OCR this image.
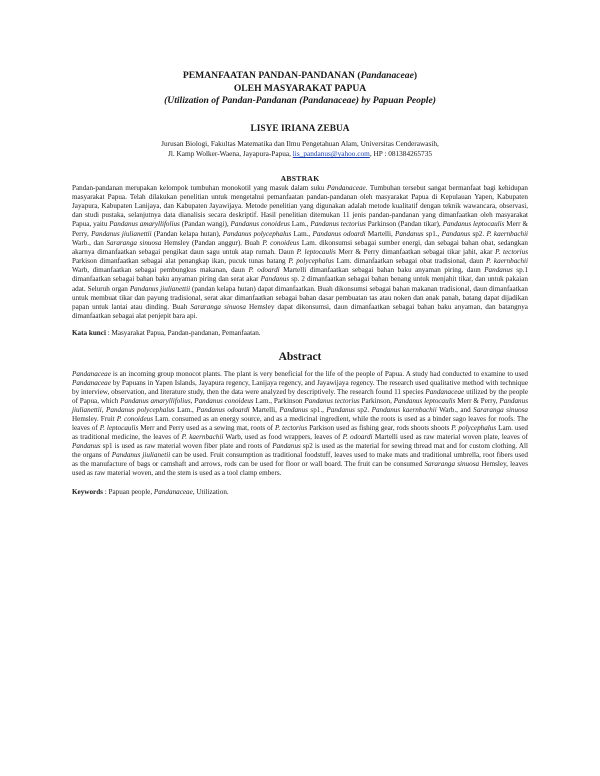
PEMANFAATAN PANDAN-PANDANAN (Pandanaceae)
OLEH MASYARAKAT PAPUA
(Utilization of Pandan-Pandanan (Pandanaceae) by Papuan People)
LISYE IRIANA ZEBUA
Jurusan Biologi, Fakultas Matematika dan Ilmu Pengetahuan Alam, Universitas Cenderawasih,
Jl. Kamp Wolker-Waena, Jayapura-Papua, lis_pandanus@yahoo.com, HP : 081384265735
ABSTRAK
Pandan-pandanan merupakan kelompok tumbuhan monokotil yang masuk dalam suku Pandanaceae. Tumbuhan tersebut sangat bermanfaat bagi kehidupan masyarakat Papua. Telah dilakukan penelitian untuk mengetahui pemanfaatan pandan-pandanan oleh masyarakat Papua di Kepulauan Yapen, Kabupaten Jayapura, Kabupaten Lanijaya, dan Kabupaten Jayawijaya. Metode penelitian yang digunakan adalah metode kualitatif dengan teknik wawancara, observasi, dan studi pustaka, selanjutnya data dianalisis secara deskriptif. Hasil penelitian ditemukan 11 jenis pandan-pandanan yang dimanfaatkan oleh masyarakat Papua, yaitu Pandanus amaryllifolius (Pandan wangi), Pandanus conoideus Lam., Pandanus tectorius Parkinson (Pandan tikar), Pandanus leptocaulis Merr & Perry, Pandanus jiulianettii (Pandan kelapa hutan), Pandanus polycephalus Lam., Pandanus odoardi Martelli, Pandanus sp1., Pandanus sp2. P. kaernbachii Warb., dan Sararanga sinuosa Hemsley (Pandan anggur). Buah P. conoideus Lam. dikonsumsi sebagai sumber energi, dan sebagai bahan obat, sedangkan akarnya dimanfaatkan sebagai pengikat daun sagu untuk atap rumah. Daun P. leptocaulis Merr & Perry dimanfaatkan sebagai tikar jahit, akar P. tectorius Parkison dimanfaatkan sebagai alat penangkap ikan, pucuk tunas batang P. polycephalus Lam. dimanfaatkan sebagai obat tradisional, daun P. kaernbachii Warb, dimanfaatkan sebagai pembungkus makanan, daun P. odoardi Martelli dimanfaatkan sebagai bahan baku anyaman piring, daun Pandanus sp.1 dimanfaatkan sebagai bahan baku anyaman piring dan serat akar Pandanus sp. 2 dimanfaatkan sebagai bahan benang untuk menjahit tikar, dan untuk pakaian adat. Seluruh organ Pandanus jiulianettii (pandan kelapa hutan) dapat dimanfaatkan. Buah dikonsumsi sebagai bahan makanan tradisional, daun dimanfaatkan untuk membuat tikar dan payung tradisional, serat akar dimanfaatkan sebagai bahan dasar pembuatan tas atau noken dan anak panah, batang dapat dijadikan papan untuk lantai atau dinding. Buah Sararanga sinuosa Hemsley dapat dikonsumsi, daun dimanfaatkan sebagai bahan baku anyaman, dan batangnya dimanfaatkan sebagai alat penjepit bara api.
Kata kunci : Masyarakat Papua, Pandan-pandanan, Pemanfaatan.
Abstract
Pandanaceae is an incoming group monocot plants. The plant is very beneficial for the life of the people of Papua. A study had conducted to examine to used Pandanaceae by Papuans in Yapen Islands, Jayapura regency, Lanijaya regency, and Jayawijaya regency. The research used qualitative method with technique by interview, observation, and literature study, then the data were analyzed by descriptively. The research found 11 species Pandanaceae utilized by the people of Papua, which Pandanus amaryllifolius, Pandanus conoideus Lam., Parkinson Pandanus tectorius Parkinson, Pandanus leptocaulis Merr & Perry, Pandanus jiulianettii, Pandanus polycephalus Lam., Pandanus odoardi Martelli, Pandanus sp1., Pandanus sp2. Pandanus kaernbachii Warb., and Sararanga sinuosa Hemsley. Fruit P. conoideus Lam. consumed as an energy source, and as a medicinal ingredient, while the roots is used as a binder sago leaves for roofs. The leaves of P. leptocaulis Merr and Perry used as a sewing mat, roots of P. tectorius Parkison used as fishing gear, rods shoots shoots P. polycephalus Lam. used as traditional medicine, the leaves of P. kaernbachii Warb, used as food wrappers, leaves of P. odoardi Martelli used as raw material woven plate, leaves of Pandanus sp1 is used as raw material woven fiber plate and roots of Pandanus sp2 is used as the material for sewing thread mat and for custom clothing. All the organs of Pandanus jiulianetii can be used. Fruit consumption as traditional foodstuff, leaves used to make mats and traditional umbrella, root fibers used as the manufacture of bags or camshaft and arrows, rods can be used for floor or wall board. The fruit can be consumed Sararanga sinuosa Hemsley, leaves used as raw material woven, and the stem is used as a tool clamp embers.
Keywords : Papuan people, Pandanaceae, Utilization.
